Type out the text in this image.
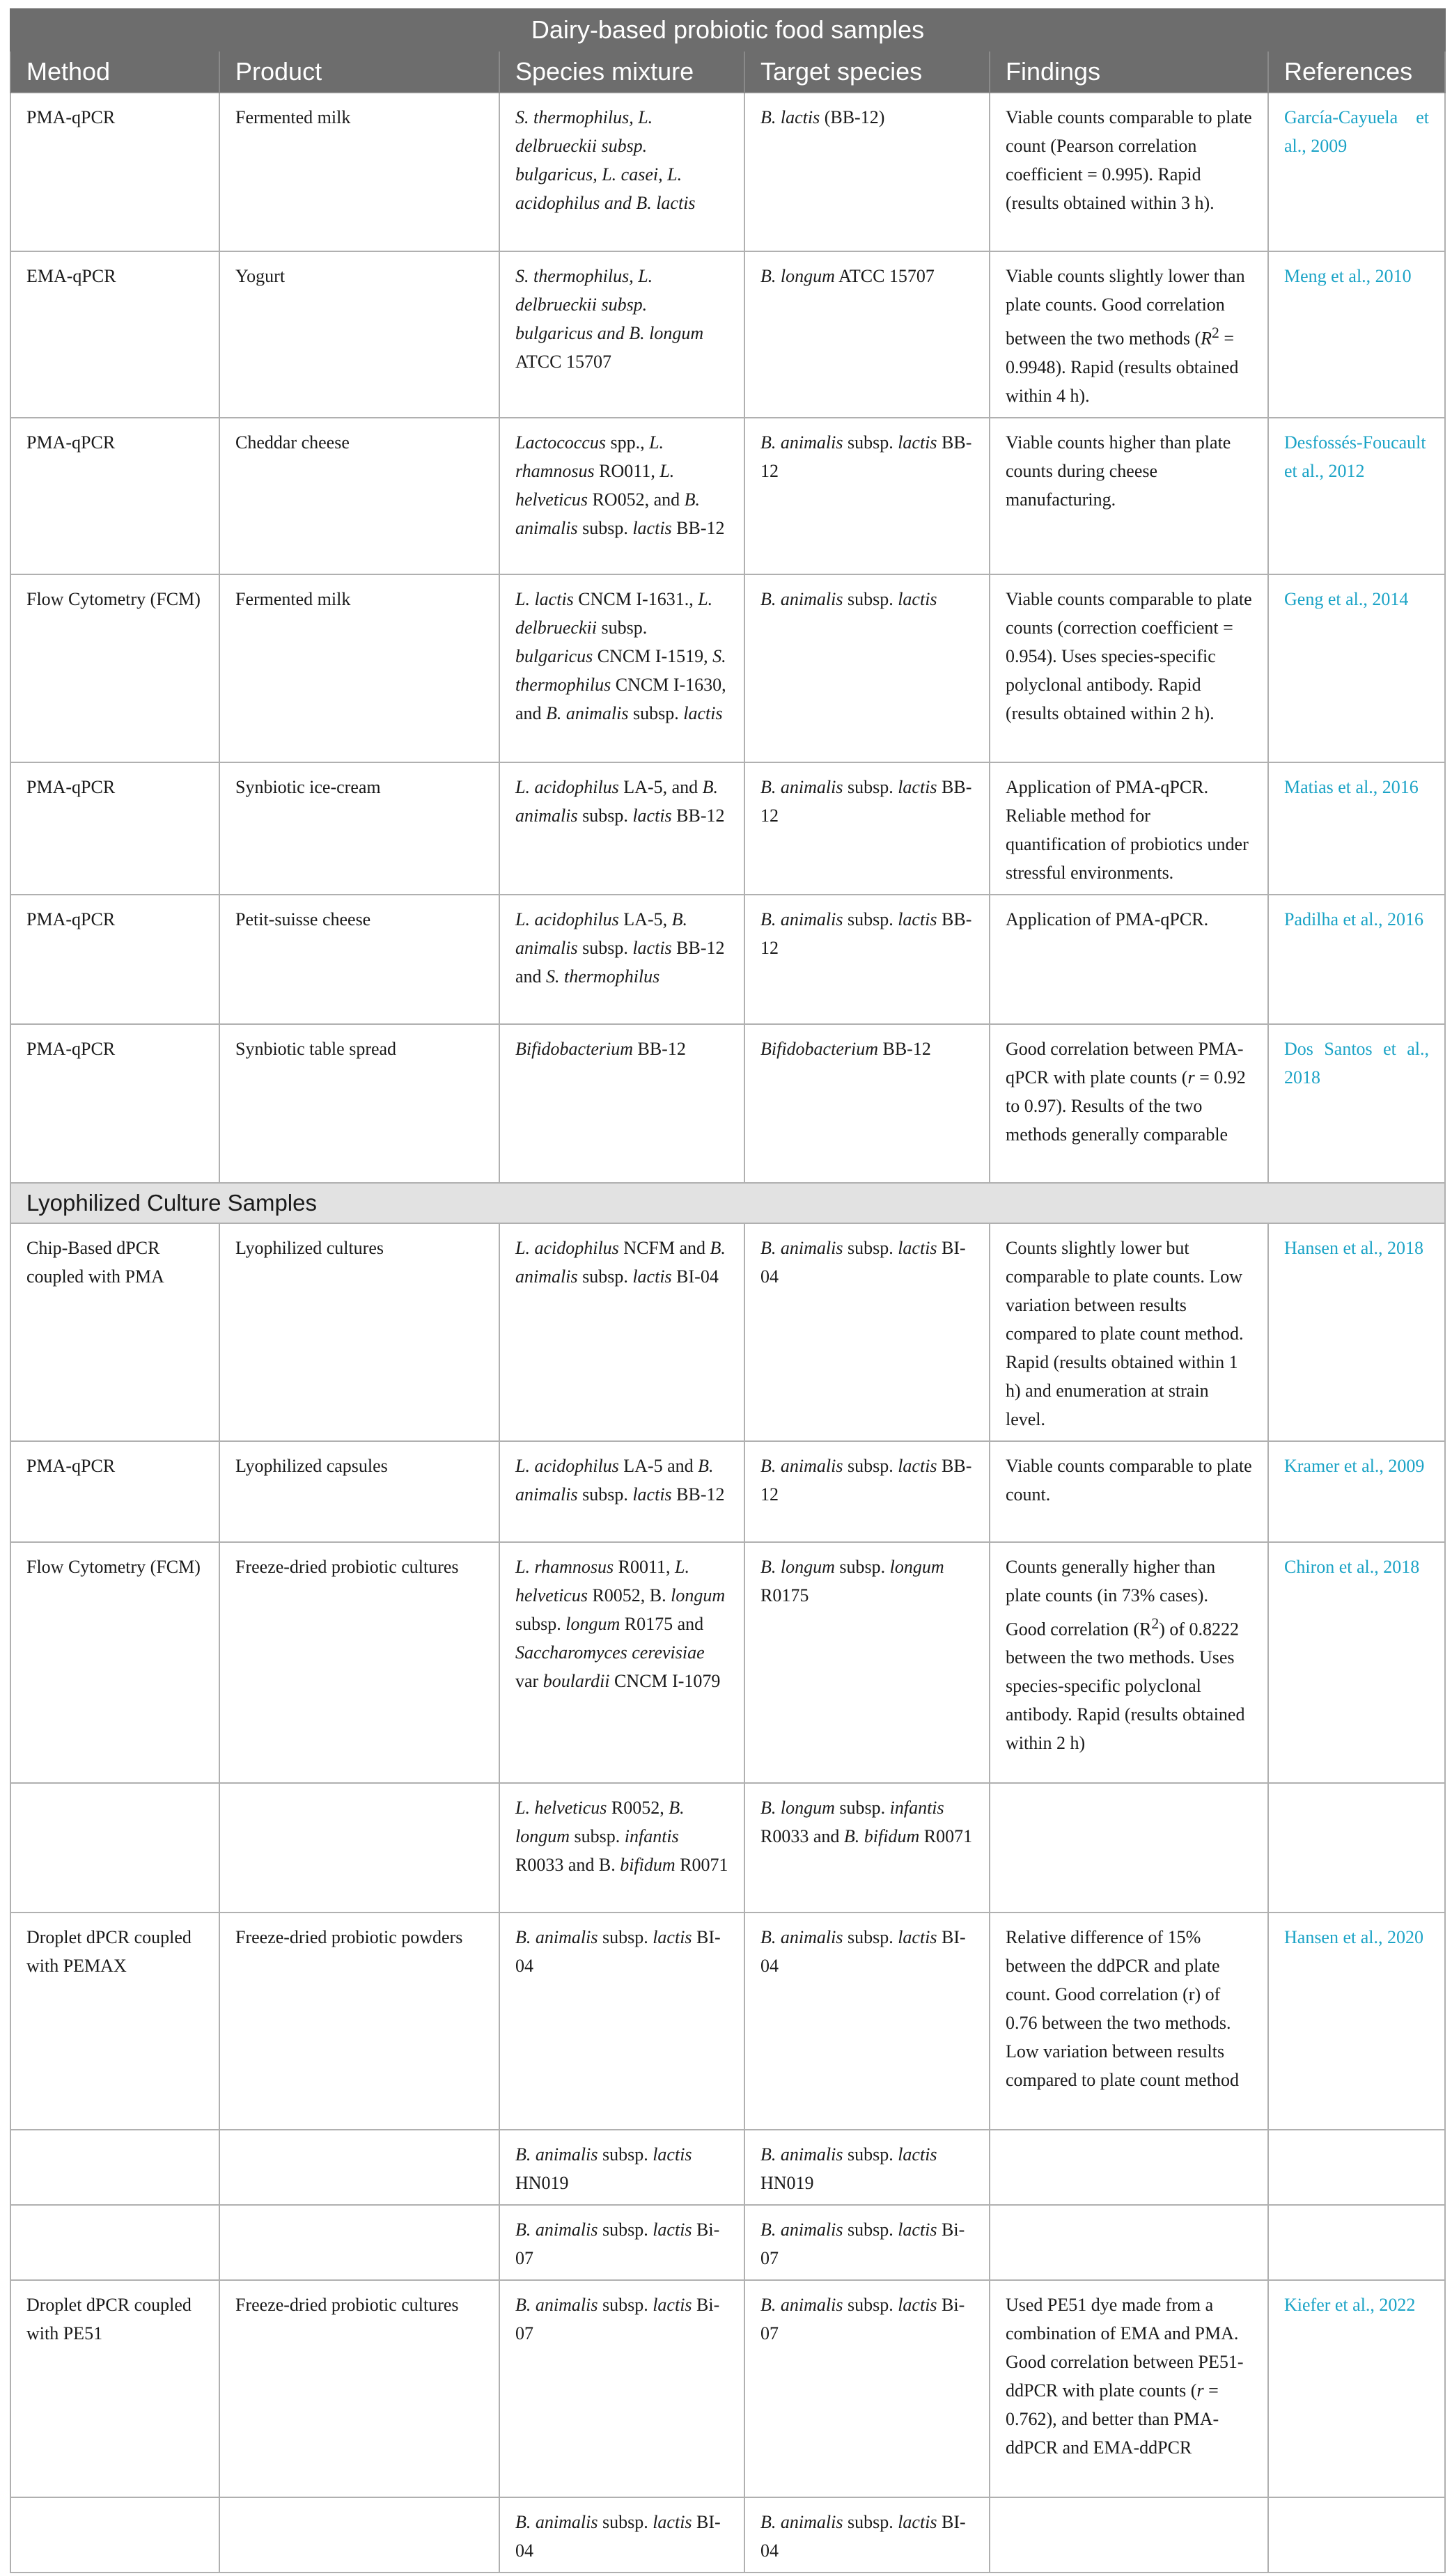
Dairy-based probiotic food samples					
Method	Product	Species mixture	Target species	Findings	References
PMA-qPCR	Fermented milk	S. thermophilus, L. delbrueckii subsp. bulgaricus, L. casei, L. acidophilus and B. lactis	B. lactis (BB-12)	Viable counts comparable to plate count (Pearson correlation coefficient = 0.995). Rapid (results obtained within 3 h).	García-Cayuela et al., 2009
EMA-qPCR	Yogurt	S. thermophilus, L. delbrueckii subsp. bulgaricus and B. longum ATCC 15707	B. longum ATCC 15707	Viable counts slightly lower than plate counts. Good correlation between the two methods $(R^2 = 0.9948)$. Rapid (results obtained within 4 h).	Meng et al., 2010
PMA-qPCR	Cheddar cheese	Lactococcus spp., L. rhamnosus RO011, L. helveticus RO052, and B. animalis subsp. lactis BB-12	B. animalis subsp. lactis BB-12	Viable counts higher than plate counts during cheese manufacturing.	Desfossés-Foucault et al., 2012
Flow Cytometry (FCM)	Fermented milk	L. lactis CNCM I-1631., L. delbrueckii subsp. bulgaricus CNCM I-1519, S. thermophilus CNCM I-1630, and B. animalis subsp. lactis	B. animalis subsp. lactis	Viable counts comparable to plate counts (correction coefficient = 0.954). Uses species-specific polyclonal antibody. Rapid (results obtained within 2 h).	Geng et al., 2014
PMA-qPCR	Synbiotic ice-cream	L. acidophilus LA-5, and B. animalis subsp. lactis BB-12	B. animalis subsp. lactis BB-12	Application of PMA-qPCR. Reliable method for quantification of probiotics under stressful environments.	Matias et al., 2016
PMA-qPCR	Petit-suisse cheese	L. acidophilus LA-5, B. animalis subsp. lactis BB-12 and S. thermophilus	B. animalis subsp. lactis BB-12	Application of PMA-qPCR.	Padilha et al., 2016
PMA-qPCR	Synbiotic table spread	Bifidobacterium BB-12	Bifidobacterium BB-12	Good correlation between PMA-qPCR with plate counts (r = 0.92 to 0.97). Results of the two methods generally comparable	Dos Santos et al., 2018
Lyophilized Culture Samples					
Chip-Based dPCR coupled with PMA	Lyophilized cultures	L. acidophilus NCFM and B. animalis subsp. lactis BI-04	B. animalis subsp. lactis BI-04	Counts slightly lower but comparable to plate counts. Low variation between results compared to plate count method. Rapid (results obtained within 1 h) and enumeration at strain level.	Hansen et al., 2018
PMA-qPCR	Lyophilized capsules	L. acidophilus LA-5 and B. animalis subsp. lactis BB-12	B. animalis subsp. lactis BB-12	Viable counts comparable to plate count.	Kramer et al., 2009
Flow Cytometry (FCM)	Freeze-dried probiotic cultures	L. rhamnosus R0011, L. helveticus R0052, B. longum subsp. longum R0175 and Saccharomyces cerevisiae var boulardii CNCM I-1079	B. longum subsp. longum R0175	Counts generally higher than plate counts (in 73% cases). Good correlation $(R^2)$ of 0.8222 between the two methods. Uses species-specific polyclonal antibody. Rapid (results obtained within 2 h)	Chiron et al., 2018
		L. helveticus R0052, B. longum subsp. infantis R0033 and B. bifidum R0071	B. longum subsp. infantis R0033 and B. bifidum R0071		
Droplet dPCR coupled with PEMAX	Freeze-dried probiotic powders	B. animalis subsp. lactis BI-04	B. animalis subsp. lactis BI-04	Relative difference of 15% between the ddPCR and plate count. Good correlation (r) of 0.76 between the two methods. Low variation between results compared to plate count method	Hansen et al., 2020
		B. animalis subsp. lactis HN019	B. animalis subsp. lactis HN019		
		B. animalis subsp. lactis Bi-07	B. animalis subsp. lactis Bi-07		
Droplet dPCR coupled with PE51	Freeze-dried probiotic cultures	B. animalis subsp. lactis Bi-07	B. animalis subsp. lactis Bi-07	Used PE51 dye made from a combination of EMA and PMA. Good correlation between PE51-ddPCR with plate counts (r = 0.762), and better than PMA-ddPCR and EMA-ddPCR	Kiefer et al., 2022
		B. animalis subsp. lactis BI-04	B. animalis subsp. lactis BI-04		
